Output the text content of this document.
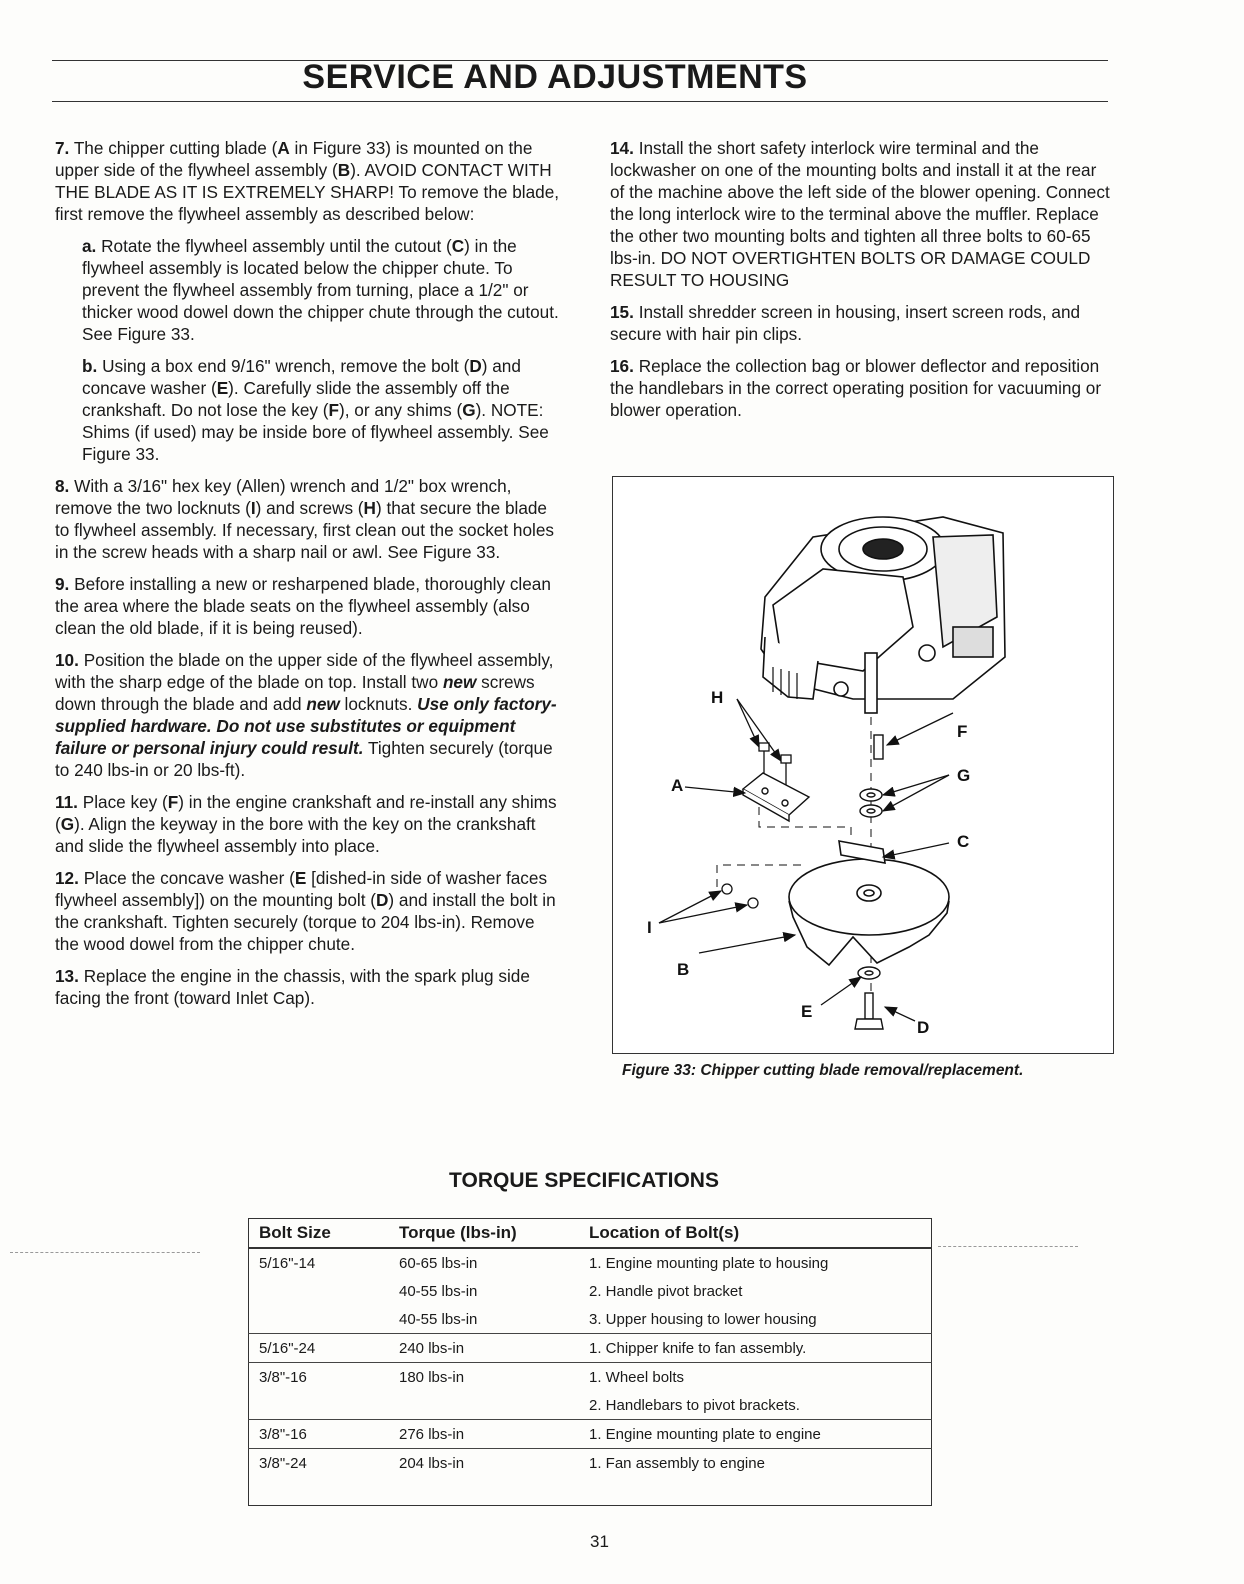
SERVICE AND ADJUSTMENTS

7. The chipper cutting blade (A in Figure 33) is mounted on the upper side of the flywheel assembly (B). AVOID CONTACT WITH THE BLADE AS IT IS EXTREMELY SHARP! To remove the blade, first remove the flywheel assembly as described below:

a. Rotate the flywheel assembly until the cutout (C) in the flywheel assembly is located below the chipper chute. To prevent the flywheel assembly from turning, place a 1/2" or thicker wood dowel down the chipper chute through the cutout. See Figure 33.

b. Using a box end 9/16" wrench, remove the bolt (D) and concave washer (E). Carefully slide the assembly off the crankshaft. Do not lose the key (F), or any shims (G). NOTE: Shims (if used) may be inside bore of flywheel assembly. See Figure 33.

8. With a 3/16" hex key (Allen) wrench and 1/2" box wrench, remove the two locknuts (I) and screws (H) that secure the blade to flywheel assembly. If necessary, first clean out the socket holes in the screw heads with a sharp nail or awl. See Figure 33.

9. Before installing a new or resharpened blade, thoroughly clean the area where the blade seats on the flywheel assembly (also clean the old blade, if it is being reused).

10. Position the blade on the upper side of the flywheel assembly, with the sharp edge of the blade on top. Install two new screws down through the blade and add new locknuts. Use only factory-supplied hardware. Do not use substitutes or equipment failure or personal injury could result. Tighten securely (torque to 240 lbs-in or 20 lbs-ft).

11. Place key (F) in the engine crankshaft and re-install any shims (G). Align the keyway in the bore with the key on the crankshaft and slide the flywheel assembly into place.

12. Place the concave washer (E [dished-in side of washer faces flywheel assembly]) on the mounting bolt (D) and install the bolt in the crankshaft. Tighten securely (torque to 204 lbs-in). Remove the wood dowel from the chipper chute.

13. Replace the engine in the chassis, with the spark plug side facing the front (toward Inlet Cap).

14. Install the short safety interlock wire terminal and the lockwasher on one of the mounting bolts and install it at the rear of the machine above the left side of the blower opening. Connect the long interlock wire to the terminal above the muffler. Replace the other two mounting bolts and tighten all three bolts to 60-65 lbs-in. DO NOT OVERTIGHTEN BOLTS OR DAMAGE COULD RESULT TO HOUSING

15. Install shredder screen in housing, insert screen rods, and secure with hair pin clips.

16. Replace the collection bag or blower deflector and reposition the handlebars in the correct operating position for vacuuming or blower operation.

H
F
A
G
C
I
B
E
D
Figure 33: Chipper cutting blade removal/replacement.
TORQUE SPECIFICATIONS
Bolt Size	Torque (lbs-in)	Location of Bolt(s)
5/16"-14	60-65 lbs-in	1. Engine mounting plate to housing
	40-55 lbs-in	2. Handle pivot bracket
	40-55 lbs-in	3. Upper housing to lower housing
5/16"-24	240 lbs-in	1. Chipper knife to fan assembly.
3/8"-16	180 lbs-in	1. Wheel bolts
		2. Handlebars to pivot brackets.
3/8"-16	276 lbs-in	1. Engine mounting plate to engine
3/8"-24	204 lbs-in	1. Fan assembly to engine

31
